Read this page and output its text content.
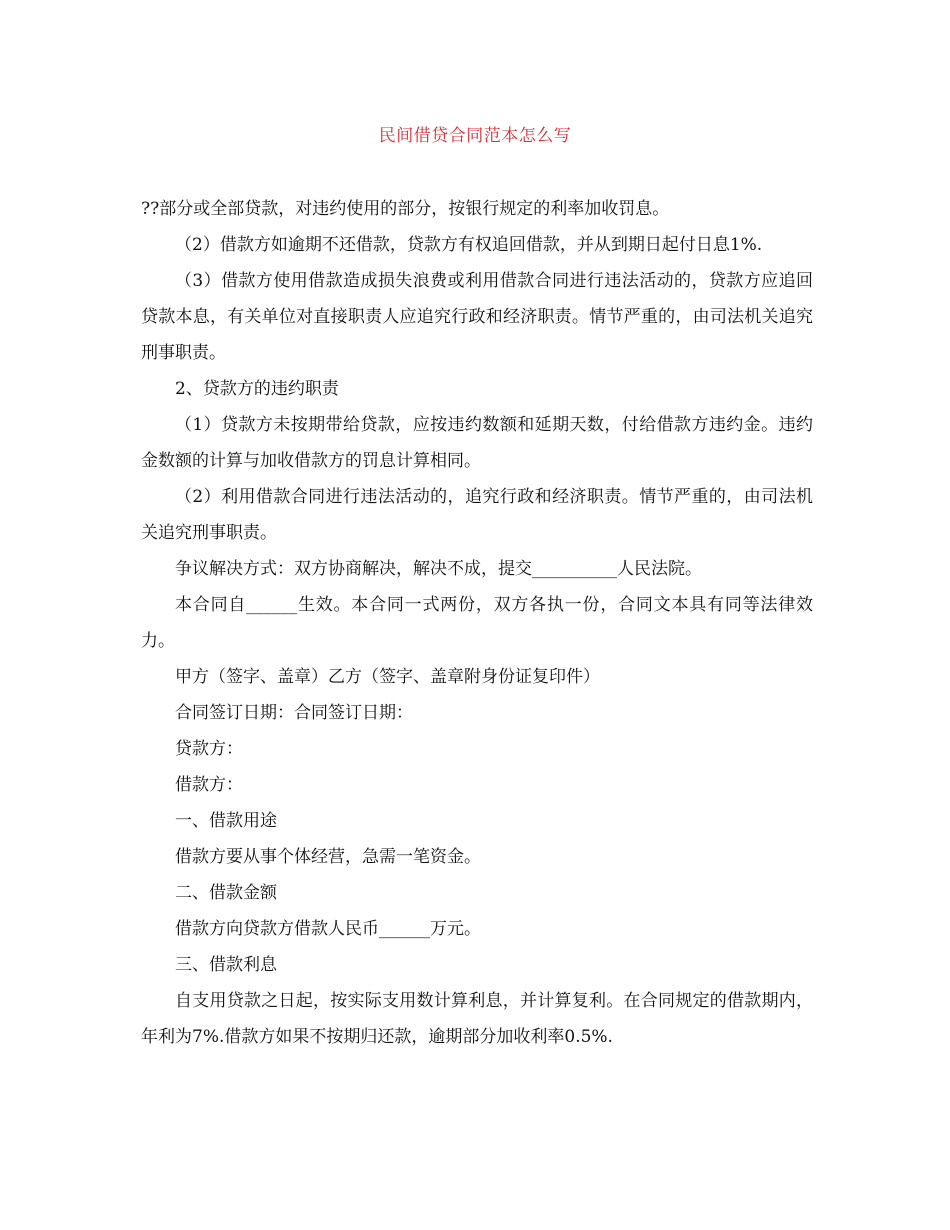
民间借贷合同范本怎么写

??部分或全部贷款，对违约使用的部分，按银行规定的利率加收罚息。

（2）借款方如逾期不还借款，贷款方有权追回借款，并从到期日起付日息1%.

（3）借款方使用借款造成损失浪费或利用借款合同进行违法活动的，贷款方应追回贷款本息，有关单位对直接职责人应追究行政和经济职责。情节严重的，由司法机关追究刑事职责。

2、贷款方的违约职责

（1）贷款方未按期带给贷款，应按违约数额和延期天数，付给借款方违约金。违约金数额的计算与加收借款方的罚息计算相同。

（2）利用借款合同进行违法活动的，追究行政和经济职责。情节严重的，由司法机关追究刑事职责。

争议解决方式：双方协商解决，解决不成，提交__________人民法院。

本合同自______生效。本合同一式两份，双方各执一份，合同文本具有同等法律效力。

甲方（签字、盖章）乙方（签字、盖章附身份证复印件）

合同签订日期：合同签订日期：

贷款方：

借款方：

一、借款用途

借款方要从事个体经营，急需一笔资金。

二、借款金额

借款方向贷款方借款人民币______万元。

三、借款利息

自支用贷款之日起，按实际支用数计算利息，并计算复利。在合同规定的借款期内，年利为7%.借款方如果不按期归还款，逾期部分加收利率0.5%.
